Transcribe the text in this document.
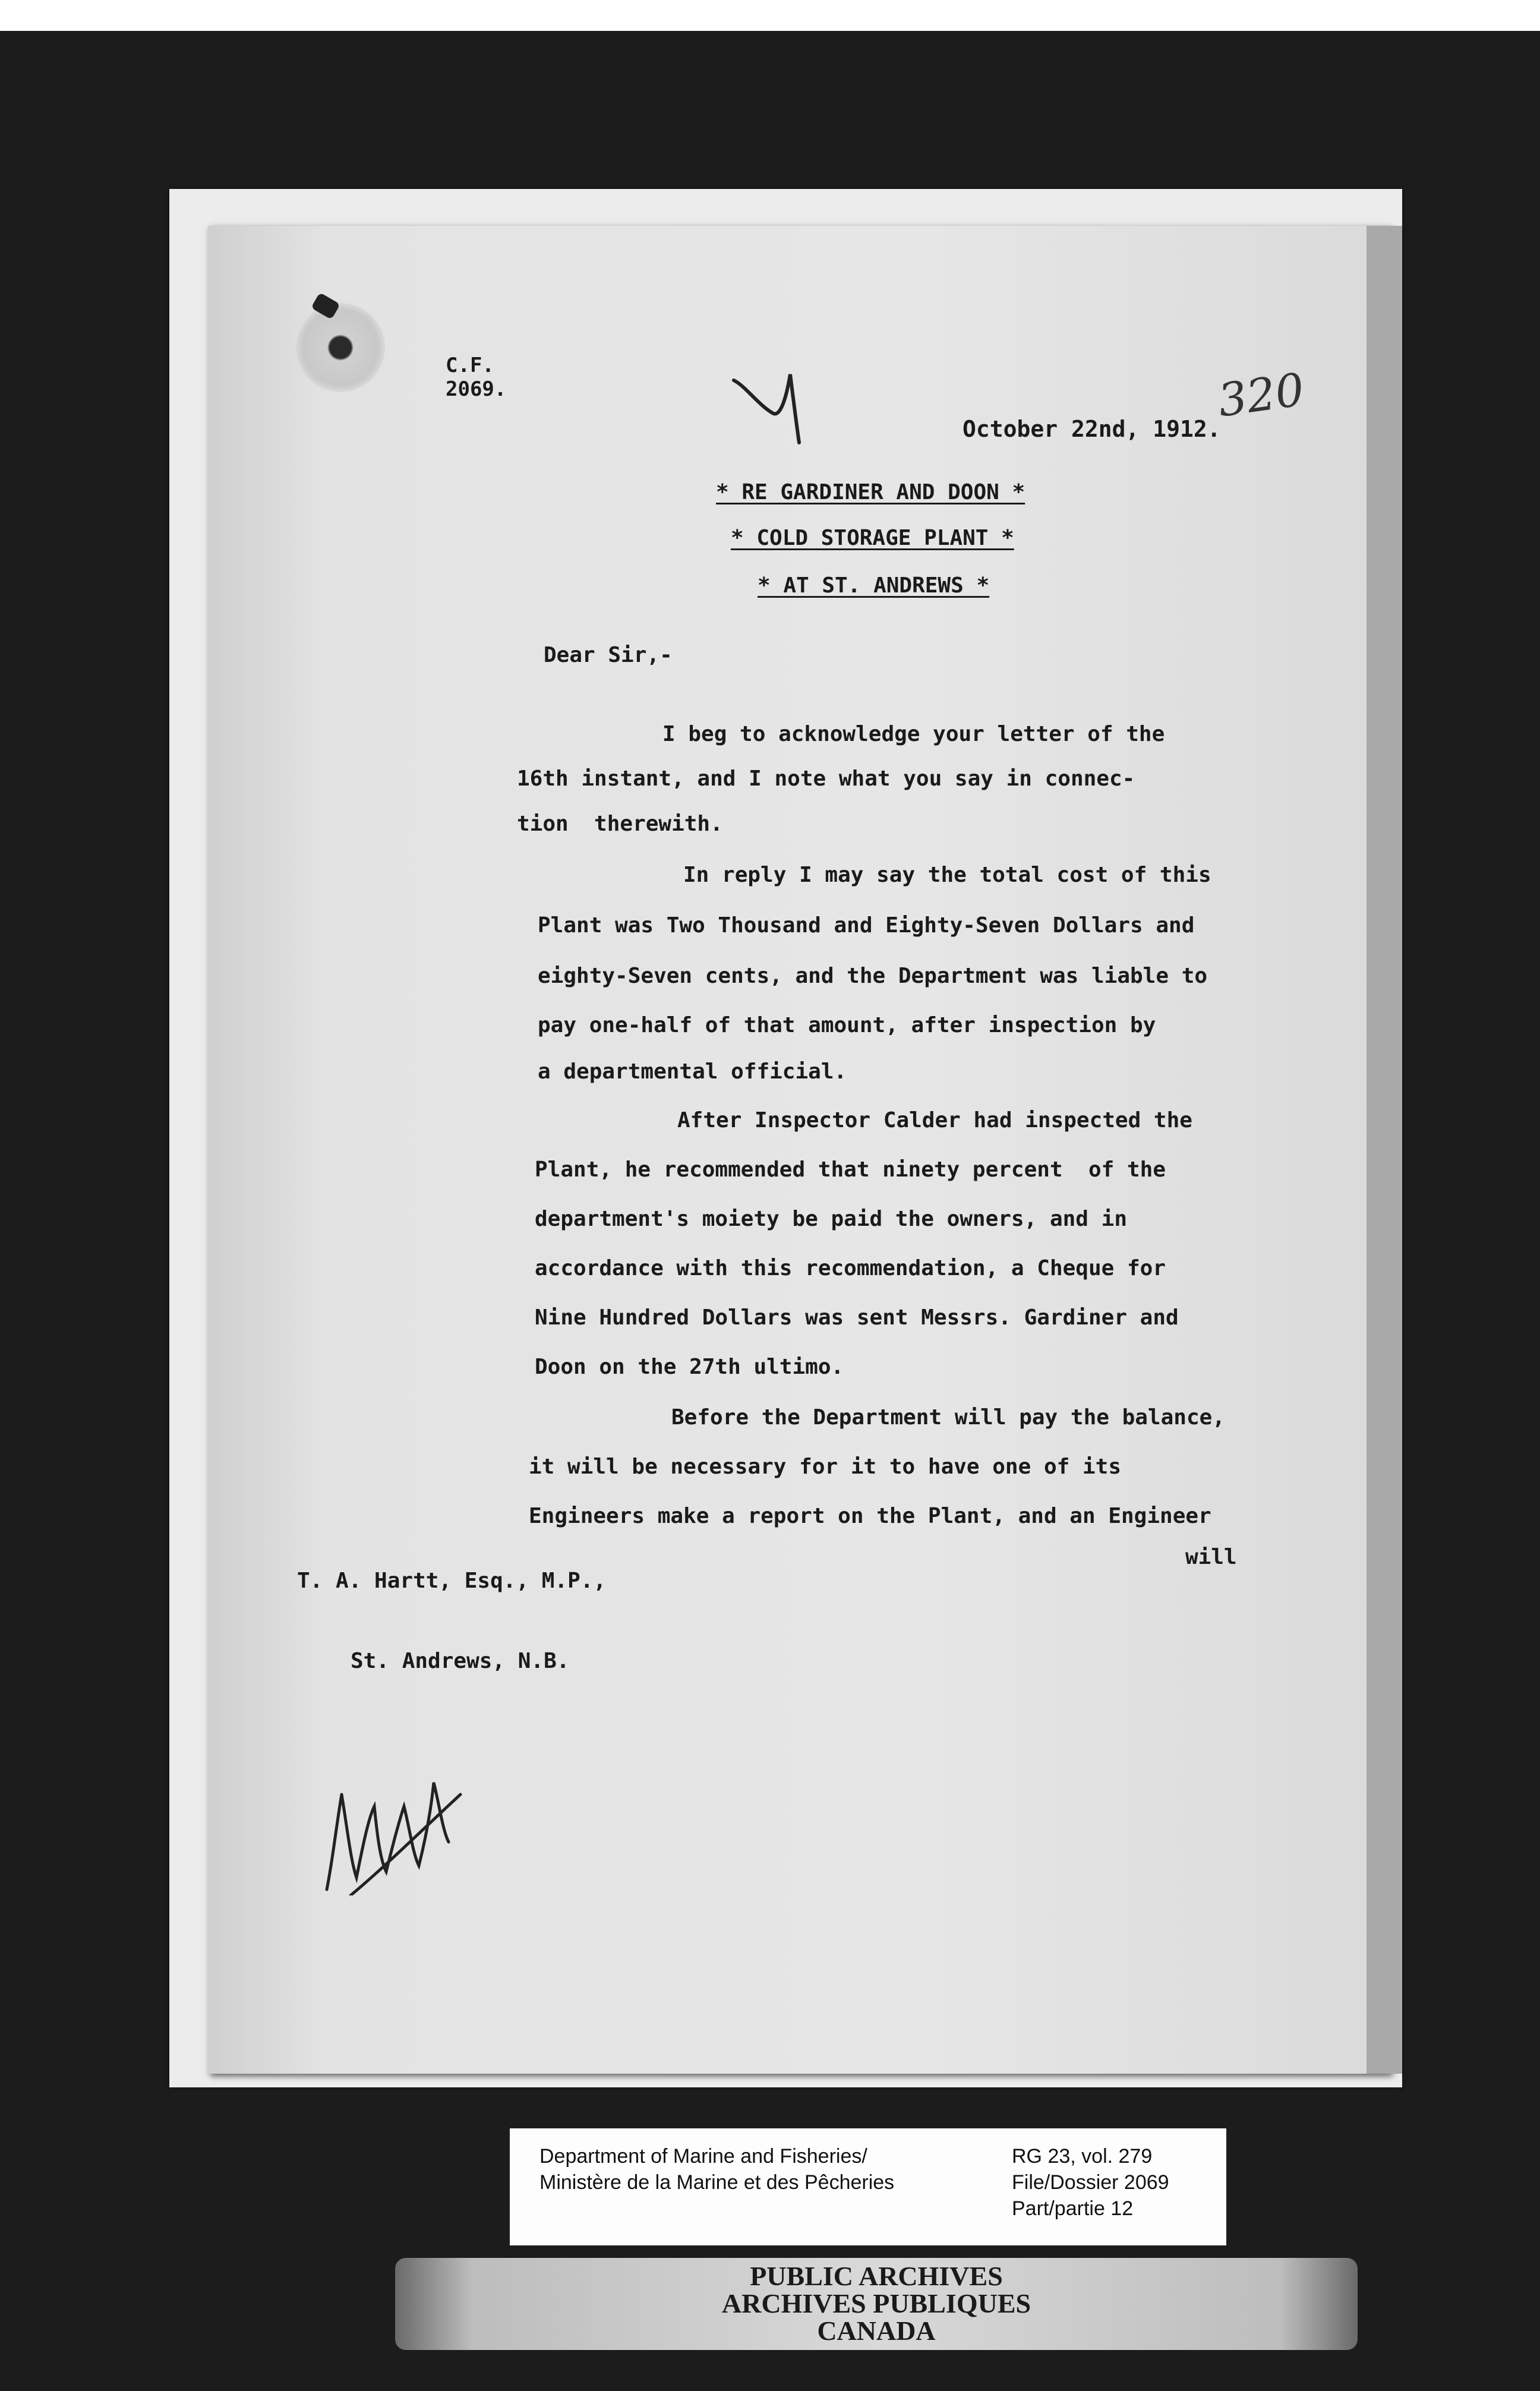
C.F.
2069.	320
October 22nd, 1912.
* RE GARDINER AND DOON *
* COLD STORAGE PLANT *
* AT ST. ANDREWS *
Dear Sir,-
I beg to acknowledge your letter of the
16th instant, and I note what you say in connec-
tion  therewith.
In reply I may say the total cost of this
Plant was Two Thousand and Eighty-Seven Dollars and
eighty-Seven cents, and the Department was liable to
pay one-half of that amount, after inspection by
a departmental official.
After Inspector Calder had inspected the
Plant, he recommended that ninety percent  of the
department's moiety be paid the owners, and in
accordance with this recommendation, a Cheque for
Nine Hundred Dollars was sent Messrs. Gardiner and
Doon on the 27th ultimo.
Before the Department will pay the balance,
it will be necessary for it to have one of its
Engineers make a report on the Plant, and an Engineer
will
T. A. Hartt, Esq., M.P.,
St. Andrews, N.B.
Department of Marine and Fisheries/
Ministère de la Marine et des Pêcheries
RG 23, vol. 279
File/Dossier 2069
Part/partie 12
PUBLIC ARCHIVES
ARCHIVES PUBLIQUES
CANADA
